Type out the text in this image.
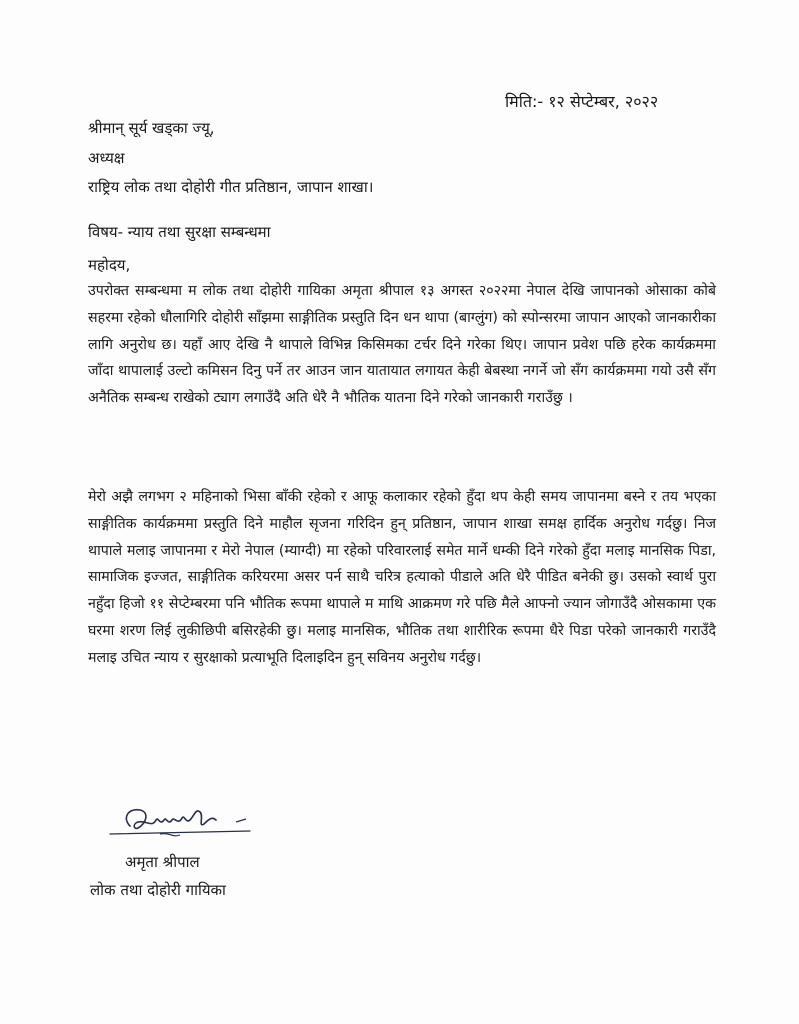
मिति:- १२ सेप्टेम्बर, २०२२
श्रीमान् सूर्य खड्का ज्यू,
अध्यक्ष
राष्ट्रिय लोक तथा दोहोरी गीत प्रतिष्ठान, जापान शाखा।
विषय- न्याय तथा सुरक्षा सम्बन्धमा
महोदय,

उपरोक्त सम्बन्धमा म लोक तथा दोहोरी गायिका अमृता श्रीपाल १३ अगस्त २०२२मा नेपाल देखि जापानको ओसाका कोबे सहरमा रहेको धौलागिरि दोहोरी साँझमा साङ्गीतिक प्रस्तुति दिन धन थापा (बाग्लुंग) को स्पोन्सरमा जापान आएको जानकारीका लागि अनुरोध छ। यहाँ आए देखि नै थापाले विभिन्न किसिमका टर्चर दिने गरेका थिए। जापान प्रवेश पछि हरेक कार्यक्रममा जाँदा थापालाई उल्टो कमिसन दिनु पर्ने तर आउन जान यातायात लगायत केही बेबस्था नगर्ने जो सँग कार्यक्रममा गयो उसै सँग अनैतिक सम्बन्ध राखेको ट्याग लगाउँदै अति धेरै नै भौतिक यातना दिने गरेको जानकारी गराउँछु ।

मेरो अझै लगभग २ महिनाको भिसा बाँकी रहेको र आफू कलाकार रहेको हुँदा थप केही समय जापानमा बस्ने र तय भएका साङ्गीतिक कार्यक्रममा प्रस्तुति दिने माहौल सृजना गरिदिन हुन् प्रतिष्ठान, जापान शाखा समक्ष हार्दिक अनुरोध गर्दछु। निज थापाले मलाइ जापानमा र मेरो नेपाल (म्याग्दी) मा रहेको परिवारलाई समेत मार्ने धम्की दिने गरेको हुँदा मलाइ मानसिक पिडा, सामाजिक इज्जत, साङ्गीतिक करियरमा असर पर्न साथै चरित्र हत्याको पीडाले अति धेरै पीडित बनेकी छु। उसको स्वार्थ पुरा नहुँदा हिजो ११ सेप्टेम्बरमा पनि भौतिक रूपमा थापाले म माथि आक्रमण गरे पछि मैले आफ्नो ज्यान जोगाउँदै ओसकामा एक घरमा शरण लिई लुकीछिपी बसिरहेकी छु। मलाइ मानसिक, भौतिक तथा शारीरिक रूपमा धैरे पिडा परेको जानकारी गराउँदै मलाइ उचित न्याय र सुरक्षाको प्रत्याभूति दिलाइदिन हुन् सविनय अनुरोध गर्दछु।

अमृता श्रीपाल
लोक तथा दोहोरी गायिका
